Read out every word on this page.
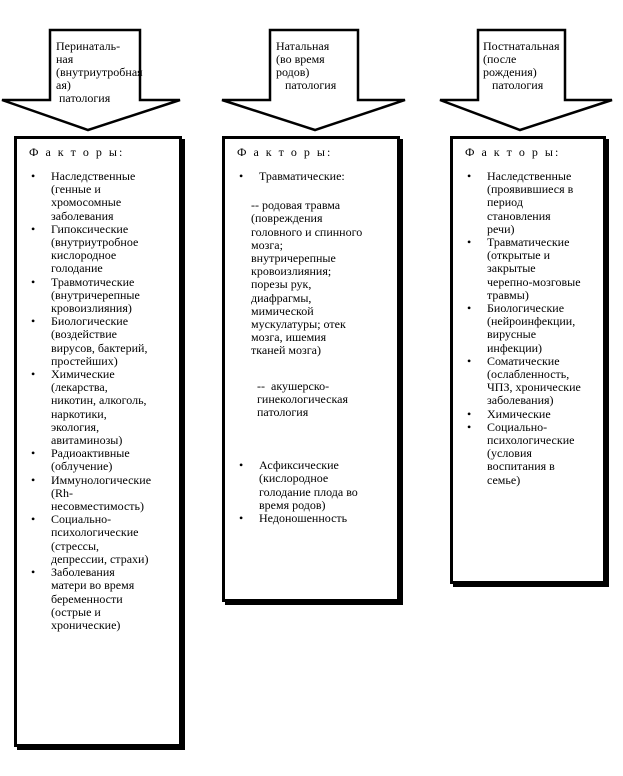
Перинаталь-
ная
(внутриутробная
ая)
патология
Натальная
(во время
родов)
патология
Постнатальная
(после
рождения)
патология
Ф а к т о р ы:
• Наследственные
(генные и
хромосомные
заболевания
• Гипоксические
(внутриутробное
кислородное
голодание
• Травмотические
(внутричерепные
кровоизлияния)
• Биологические
(воздействие
вирусов, бактерий,
простейших)
• Химические
(лекарства,
никотин, алкоголь,
наркотики,
экология,
авитаминозы)
• Радиоактивные
(облучение)
• Иммунологические
(Rh-
несовместимость)
• Социально-
психологические
(стрессы,
депрессии, страхи)
• Заболевания
матери во время
беременности
(острые и
хронические)
Ф а к т о р ы:
• Травматические:
-- родовая травма
(повреждения
головного и спинного
мозга;
внутричерепные
кровоизлияния;
порезы рук,
диафрагмы,
мимической
мускулатуры; отек
мозга, ишемия
тканей мозга)
--  акушерско-
гинекологическая
патология
• Асфиксические
(кислородное
голодание плода во
время родов)
• Недоношенность
Ф а к т о р ы:
• Наследственные
(проявившиеся в
период
становления
речи)
• Травматические
(открытые и
закрытые
черепно-мозговые
травмы)
• Биологические
(нейроинфекции,
вирусные
инфекции)
• Соматические
(ослабленность,
ЧПЗ, хронические
заболевания)
• Химические
• Социально-
психологические
(условия
воспитания в
семье)
